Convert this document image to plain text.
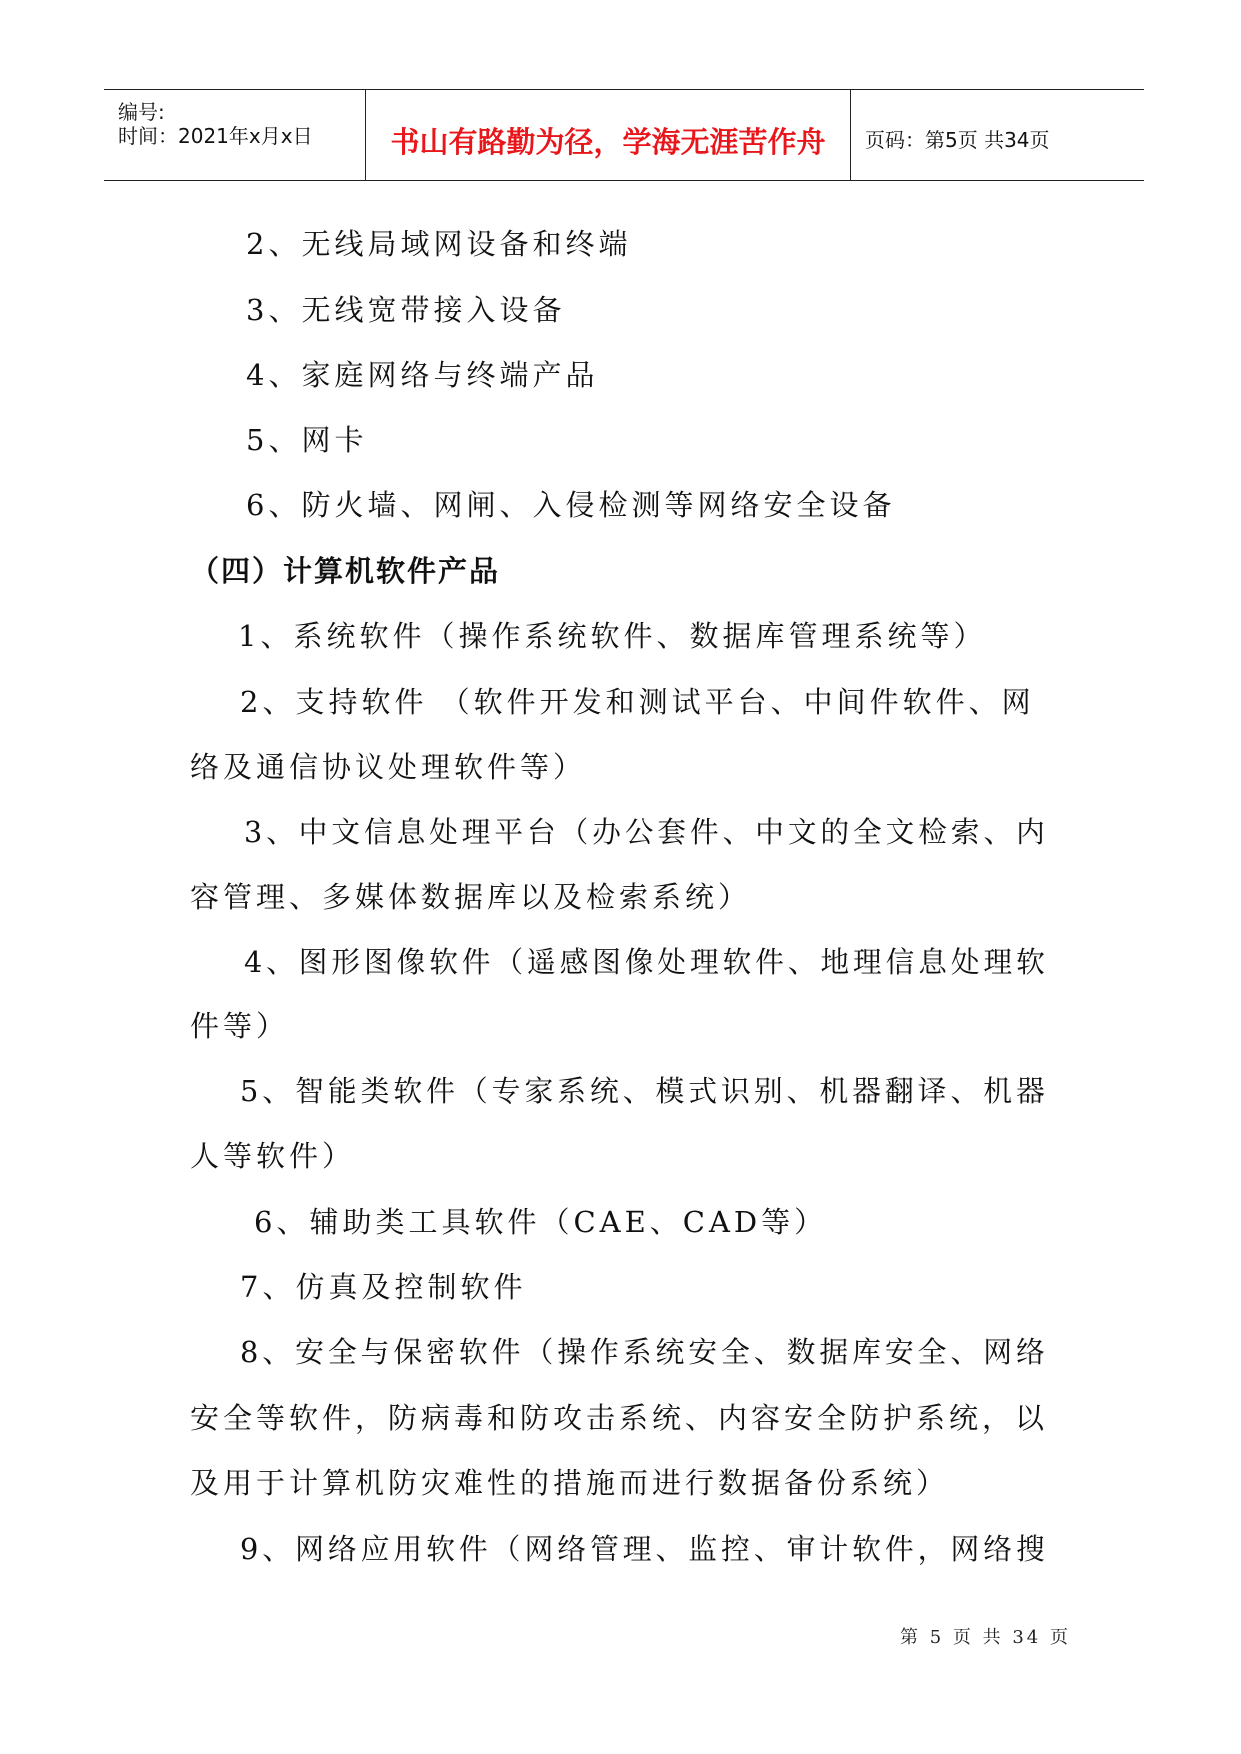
编号:
时间：2021年x月x日	书山有路勤为径，学海无涯苦作舟	页码：第5页 共34页
2、无线局域网设备和终端
3、无线宽带接入设备
4、家庭网络与终端产品
5、网卡
6、防火墙、网闸、入侵检测等网络安全设备
（四）计算机软件产品
1、系统软件（操作系统软件、数据库管理系统等）
2、支持软件 （软件开发和测试平台、中间件软件、网
络及通信协议处理软件等）
3、中文信息处理平台（办公套件、中文的全文检索、内
容管理、多媒体数据库以及检索系统）
4、图形图像软件（遥感图像处理软件、地理信息处理软
件等）
5、智能类软件（专家系统、模式识别、机器翻译、机器
人等软件）
6、辅助类工具软件（CAE、CAD等）
7、仿真及控制软件
8、安全与保密软件（操作系统安全、数据库安全、网络
安全等软件，防病毒和防攻击系统、内容安全防护系统，以
及用于计算机防灾难性的措施而进行数据备份系统）
9、网络应用软件（网络管理、监控、审计软件，网络搜
第 5 页 共 34 页
